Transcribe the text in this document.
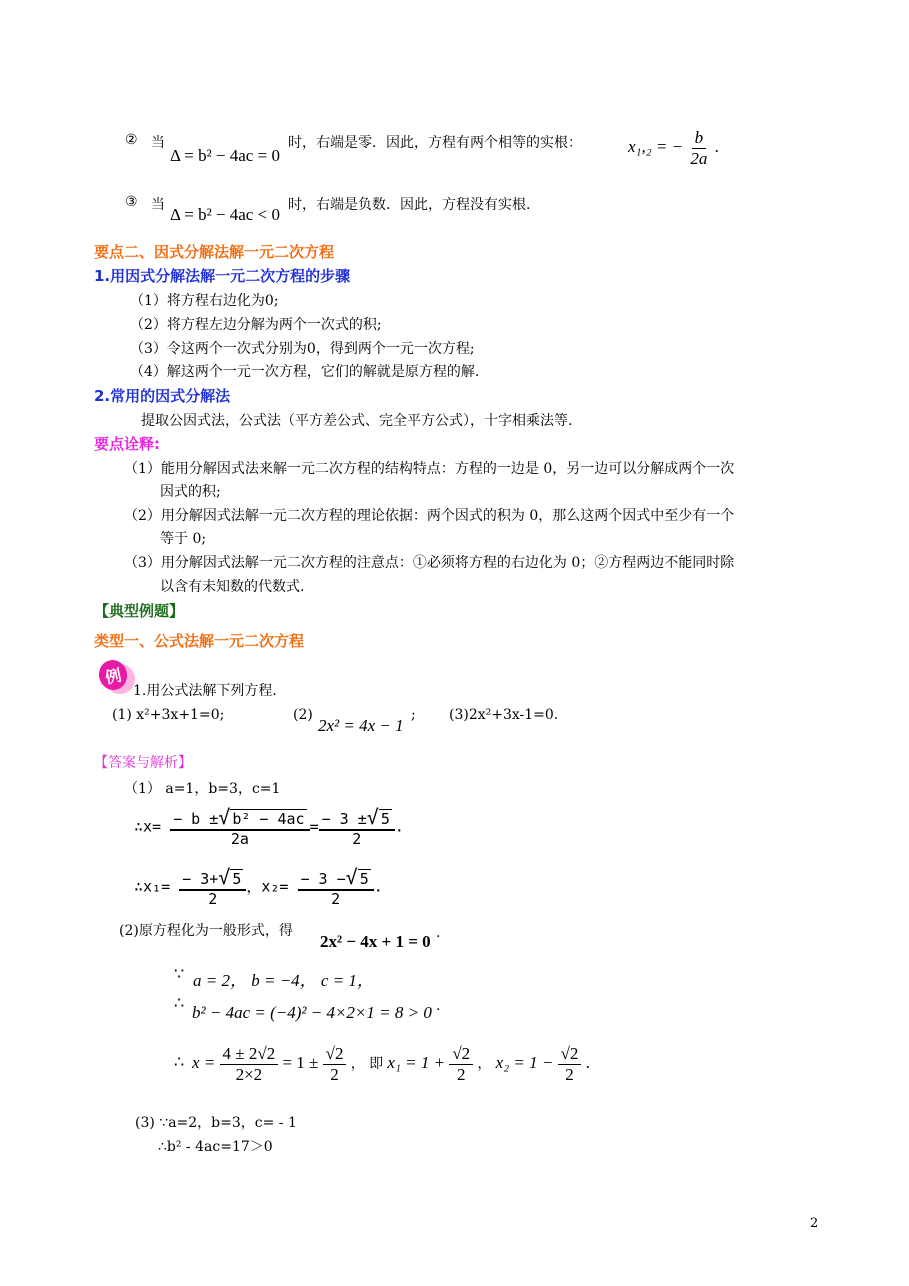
② 当
Δ = b² − 4ac = 0
时，右端是零．因此，方程有两个相等的实根：	x₁,₂ = − $\frac{b}{2a}$ .
③ 当 Δ = b² − 4ac < 0 时，右端是负数．因此，方程没有实根.
要点二、因式分解法解一元二次方程
1.用因式分解法解一元二次方程的步骤
（1）将方程右边化为0;
（2）将方程左边分解为两个一次式的积;
（3）令这两个一次式分别为0，得到两个一元一次方程;
（4）解这两个一元一次方程，它们的解就是原方程的解.
2.常用的因式分解法
提取公因式法，公式法（平方差公式、完全平方公式），十字相乘法等.
要点诠释:
（1）能用分解因式法来解一元二次方程的结构特点：方程的一边是 0，另一边可以分解成两个一次
因式的积;
（2）用分解因式法解一元二次方程的理论依据：两个因式的积为 0，那么这两个因式中至少有一个
等于 0;
（3）用分解因式法解一元二次方程的注意点：①必须将方程的右边化为 0；②方程两边不能同时除
以含有未知数的代数式.
【典型例题】
类型一、公式法解一元二次方程
例
1.用公式法解下列方程.
(1) x²+3x+1=0;	(2)
2x² = 4x − 1
; (3)2x²+3x-1=0.
【答案与解析】
（1） a=1，b=3，c=1
∴x= $\frac{\text{− b ±√ b² − 4ac}}{2a} = \frac{- 3 \pm√ 5}{2}$ .
∴x₁= $\frac{- 3+√ 5}{2}$ ，$x_2= \frac{- 3 -√ 5}{2}$ .
(2)原方程化为一般形式，得
2x² − 4x + 1 = 0 .
∵ a = 2， b = −4， c = 1，
∴
b² − 4ac = (−4)² − 4×2×1 = 8 > 0 .
∴ $x = \frac{4 \pm 2√2}{2\times 2} = 1 \pm \frac{√2}{2}$ ， 即 $x_1 = 1 + \frac{√2}{2}$ ， $x_2 = 1 - \frac{√2}{2}$ .
(3) ∵a=2，b=3，c= - 1
∴b² - 4ac=17＞0
2
